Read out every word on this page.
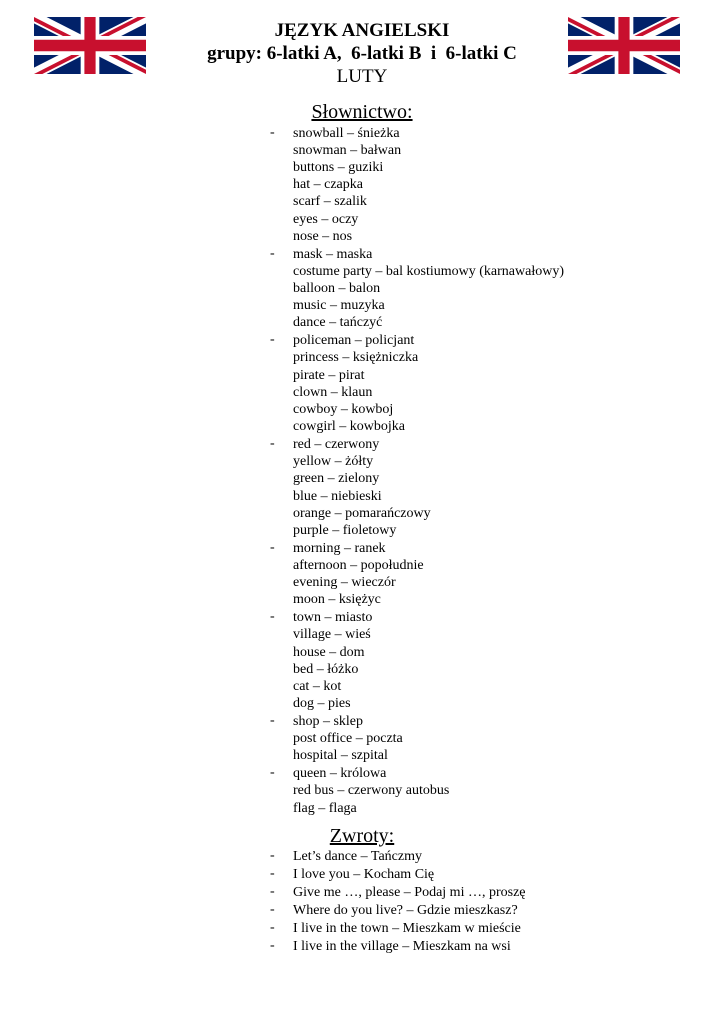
JĘZYK ANGIELSKI
grupy: 6-latki A,  6-latki B  i  6-latki C
LUTY
Słownictwo:
- snowball – śnieżka
snowman – bałwan
buttons – guziki
hat – czapka
scarf – szalik
eyes – oczy
nose – nos
- mask – maska
costume party – bal kostiumowy (karnawałowy)
balloon – balon
music – muzyka
dance – tańczyć
- policeman – policjant
princess – księżniczka
pirate – pirat
clown – klaun
cowboy – kowboj
cowgirl – kowbojka
- red – czerwony
yellow – żółty
green – zielony
blue – niebieski
orange – pomarańczowy
purple – fioletowy
- morning – ranek
afternoon – popołudnie
evening – wieczór
moon – księżyc
- town – miasto
village – wieś
house – dom
bed – łóżko
cat – kot
dog – pies
- shop – sklep
post office – poczta
hospital – szpital
- queen – królowa
red bus – czerwony autobus
flag – flaga
Zwroty:
- Let’s dance – Tańczmy
- I love you – Kocham Cię
- Give me …, please – Podaj mi …, proszę
- Where do you live? – Gdzie mieszkasz?
- I live in the town – Mieszkam w mieście
- I live in the village – Mieszkam na wsi
